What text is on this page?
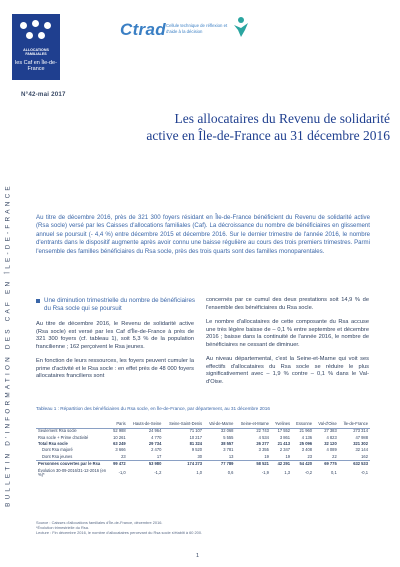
ALLOCATIONS FAMILIALES
les Caf en Île-de-France
Ctrad Cellule technique de réflexion et d'aide à la décision
N°42-mai 2017
BULLETIN D'INFORMATION DES CAF EN ÎLE-DE-FRANCE
Les allocataires du Revenu de solidarité
active en Île-de-France au 31 décembre 2016
Au titre de décembre 2016, près de 321 300 foyers résidant en Île-de-France bénéficient du Revenu de solidarité active (Rsa socle) versé par les Caisses d'allocations familiales (Caf). La décroissance du nombre de bénéficiaires en glissement annuel se poursuit (- 4,4 %) entre décembre 2015 et décembre 2016. Sur le dernier trimestre de l'année 2016, le nombre d'entrants dans le dispositif augmente après avoir connu une baisse régulière au cours des trois premiers trimestres. Parmi l'ensemble des familles bénéficiaires du Rsa socle, près des trois quarts sont des familles monoparentales.
Une diminution trimestrielle du nombre de bénéficiaires du Rsa socle qui se poursuit

Au titre de décembre 2016, le Revenu de solidarité active (Rsa socle) est versé par les Caf d'Île-de-France à près de 321 300 foyers (cf. tableau 1), soit 5,3 % de la population francilienne ; 162 perçoivent le Rsa jeunes.

En fonction de leurs ressources, les foyers peuvent cumuler la prime d'activité et le Rsa socle : en effet près de 48 000 foyers allocataires franciliens sont

concernés par ce cumul des deux prestations soit 14,9 % de l'ensemble des bénéficiaires du Rsa socle.

Le nombre d'allocataires de cette composante du Rsa accuse une très légère baisse de – 0,1 % entre septembre et décembre 2016 ; baisse dans la continuité de l'année 2016, le nombre de bénéficiaires ne cessant de diminuer.

Au niveau départemental, c'est la Seine-et-Marne qui voit ses effectifs d'allocataires du Rsa socle se réduire le plus significativement avec – 1,9 % contre – 0,1 % dans le Val-d'Oise.

Tableau 1 : Répartition des bénéficiaires du Rsa socle, en Île-de-France, par département, au 31 décembre 2016
	Paris	Hauts-de-Seine	Seine-Saint-Denis	Val-de-Marne	Seine-et-Marne	Yvelines	Essonne	Val-d'Oise	Île-de-France
Seulement Rsa socle	52 988	24 964	71 107	32 068	22 743	17 552	21 960	27 383	273 314
Rsa socle + Prime d'activité	10 261	4 770	10 217	5 555	4 534	3 861	4 136	4 823	47 988
Total Rsa socle	63 249	29 734	81 324	38 557	26 277	21 413	25 096	32 120	321 302
Dont Rsa majoré	3 666	2 470	9 520	3 781	3 355	2 347	3 408	4 089	32 144
Dont Rsa jeunes	23	17	30	13	19	19	23	22	162
Personnes couvertes par le Rsa	99 472	53 980	174 273	77 789	58 521	42 291	54 420	69 775	632 533
Évolution 30-09-2016/31-12-2016 (en %)*	-1,0	-1,2	1,0	0,6	-1,9	1,3	-0,2	0,1	-0,1
Source : Caisses d'allocations familiales d'Île-de-France, décembre 2016.
*Évolution trimestrielle du Rsa.
Lecture : Fin décembre 2016, le nombre d'allocataires percevant du Rsa socle s'établit à 60 200.
1
